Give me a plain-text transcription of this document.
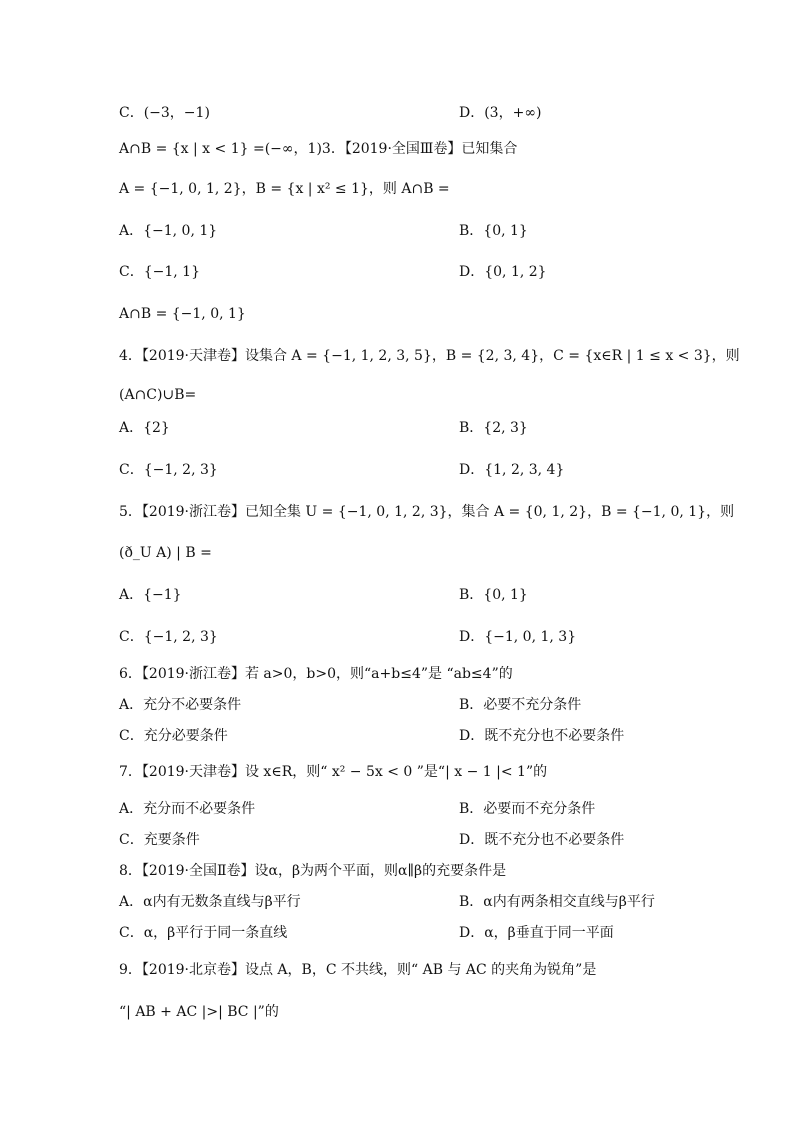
C．(−3，−1)	D．(3，+∞)
A∩B = {x | x < 1} =(−∞，1)3．【2019·全国Ⅲ卷】已知集合
A = {−1, 0, 1, 2}，B = {x | x² ≤ 1}，则 A∩B =
A．{−1, 0, 1}	B．{0, 1}
C．{−1, 1}	D．{0, 1, 2}
A∩B = {−1, 0, 1}
4．【2019·天津卷】设集合 A = {−1, 1, 2, 3, 5}，B = {2, 3, 4}，C = {x∈R | 1 ≤ x < 3}，则
(A∩C)∪B=
A．{2}	B．{2, 3}
C．{−1, 2, 3}	D．{1, 2, 3, 4}
5．【2019·浙江卷】已知全集 U = {−1, 0, 1, 2, 3}，集合 A = {0, 1, 2}，B = {−1, 0, 1}，则
(ð_U A) | B =
A．{−1}	B．{0, 1}
C．{−1, 2, 3}	D．{−1, 0, 1, 3}
6．【2019·浙江卷】若 a>0，b>0，则“a+b≤4”是 “ab≤4”的
A．充分不必要条件	B．必要不充分条件
C．充分必要条件	D．既不充分也不必要条件
7．【2019·天津卷】设 x∈R，则“ x² − 5x < 0 ”是“| x − 1 |< 1”的
A．充分而不必要条件	B．必要而不充分条件
C．充要条件	D．既不充分也不必要条件
8．【2019·全国Ⅱ卷】设α，β为两个平面，则α∥β的充要条件是
A．α内有无数条直线与β平行	B．α内有两条相交直线与β平行
C．α，β平行于同一条直线	D．α，β垂直于同一平面
9．【2019·北京卷】设点 A，B，C 不共线，则“ AB 与 AC 的夹角为锐角”是
“| AB + AC |>| BC |”的
